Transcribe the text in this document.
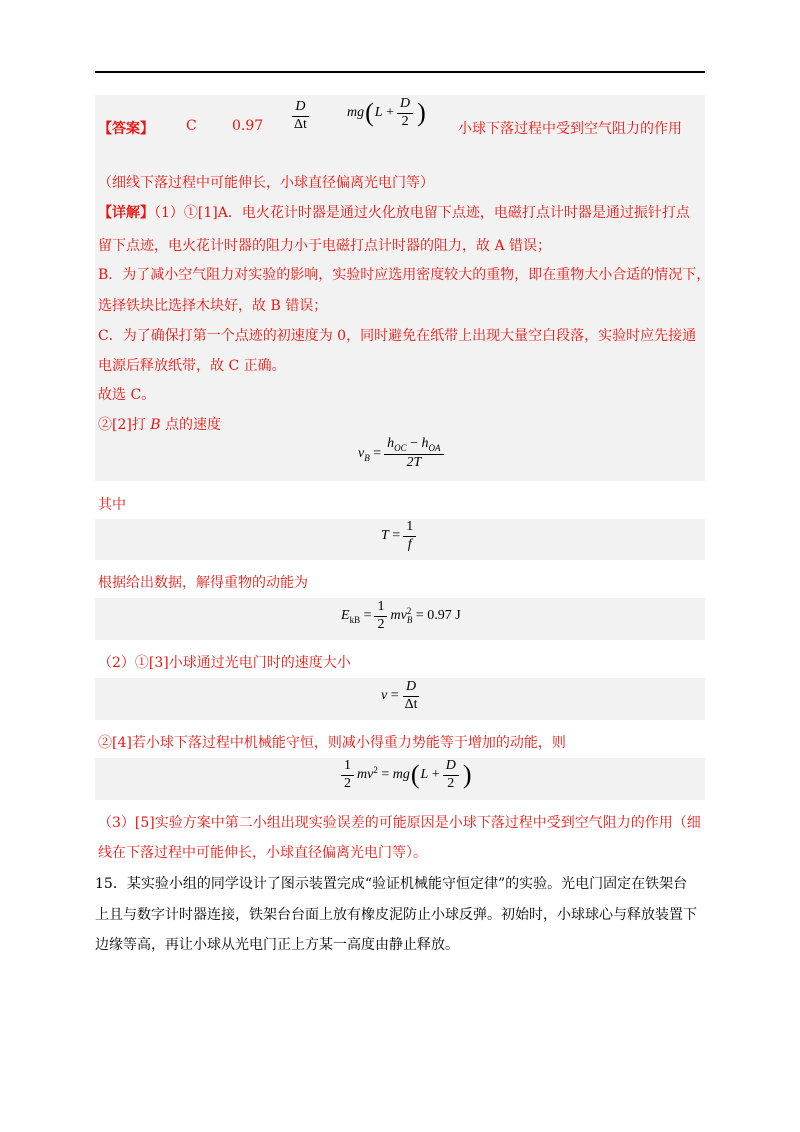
【答案】 C	$0.97 \frac{D}{\Delta t}$	mg ( L
+ $\frac{D}{2}$ )
小球下落过程中受到空气阻力的作用
（细线下落过程中可能伸长，小球直径偏离光电门等）
【详解】（1）①[1]A．电火花计时器是通过火化放电留下点迹，电磁打点计时器是通过振针打点
留下点迹，电火花计时器的阻力小于电磁打点计时器的阻力，故 A 错误；
B．为了减小空气阻力对实验的影响，实验时应选用密度较大的重物，即在重物大小合适的情况下，
选择铁块比选择木块好，故 B 错误；
C．为了确保打第一个点迹的初速度为 0，同时避免在纸带上出现大量空白段落，实验时应先接通
电源后释放纸带，故 C 正确。
故选 C。
②[2]打 B 点的速度
v $_B$
= $\frac{h_{OC} - h_{OA}}{2T}$
其中
T
= $\frac{1}{f}$
根据给出数据，解得重物的动能为
$E_{kB}$
= $\frac{1}{2}$ mv 2
B
= 0.97 J
（2）①[3]小球通过光电门时的速度大小
v
= $\frac{D}{\Delta t}$
②[4]若小球下落过程中机械能守恒，则减小得重力势能等于增加的动能，则
$\frac{1}{2} mv^2$
=
mg ( L
+ $\frac{D}{2}$ )
（3）[5]实验方案中第二小组出现实验误差的可能原因是小球下落过程中受到空气阻力的作用（细
线在下落过程中可能伸长，小球直径偏离光电门等）。
15．某实验小组的同学设计了图示装置完成“验证机械能守恒定律”的实验。光电门固定在铁架台
上且与数字计时器连接，铁架台台面上放有橡皮泥防止小球反弹。初始时，小球球心与释放装置下
边缘等高，再让小球从光电门正上方某一高度由静止释放。
